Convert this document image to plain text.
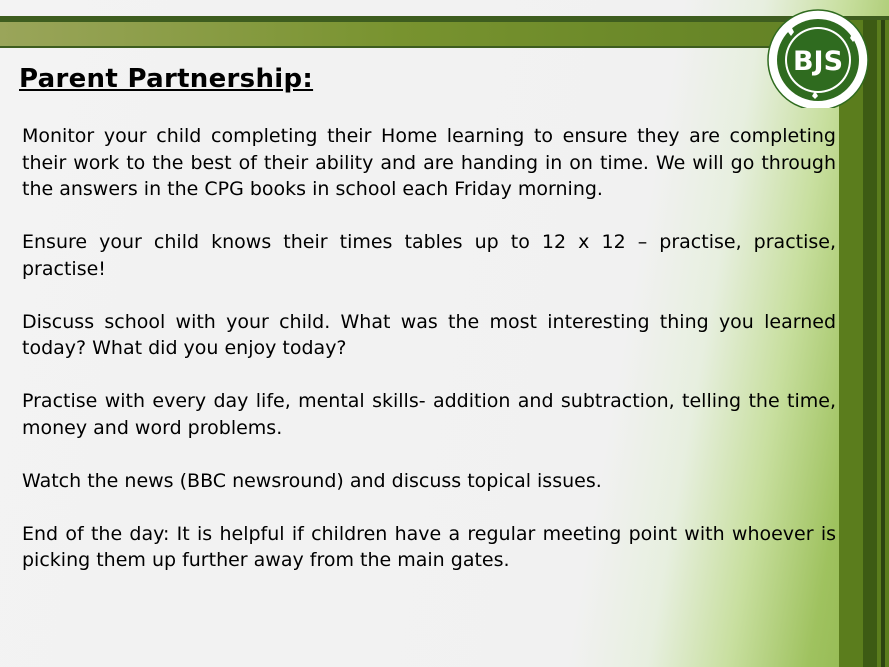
BJS
Parent Partnership:

Monitor your child completing their Home learning to ensure they are completing their work to the best of their ability and are handing in on time. We will go through the answers in the CPG books in school each Friday morning.

Ensure your child knows their times tables up to 12 x 12 – practise, practise, practise!

Discuss school with your child. What was the most interesting thing you learned today? What did you enjoy today?

Practise with every day life, mental skills- addition and subtraction, telling the time, money and word problems.

Watch the news (BBC newsround) and discuss topical issues.

End of the day: It is helpful if children have a regular meeting point with whoever is picking them up further away from the main gates.
